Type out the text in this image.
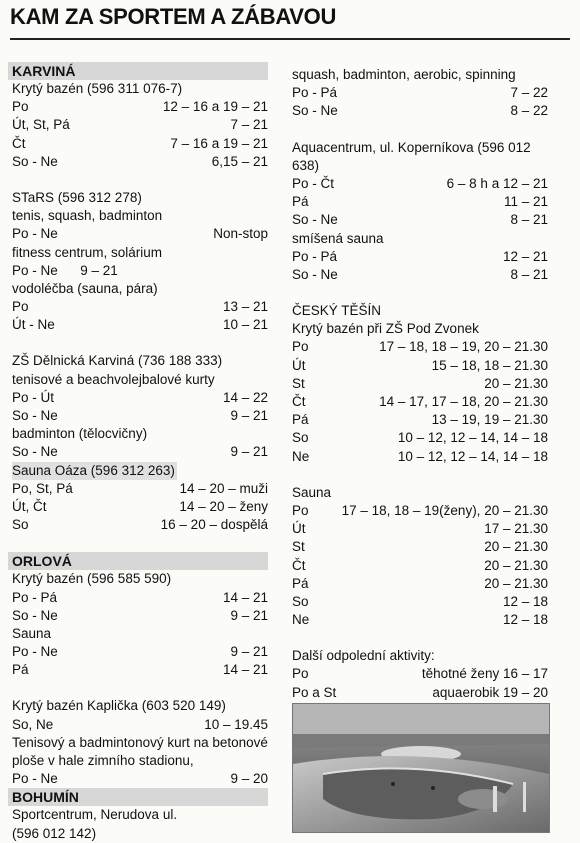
KAM ZA SPORTEM A ZÁBAVOU
KARVINÁ
Krytý bazén (596 311 076-7)
Po	12 – 16 a 19 – 21
Út, St, Pá	7 – 21
Čt	7 – 16 a 19 – 21
So - Ne	6,15 – 21
STaRS (596 312 278)
tenis, squash, badminton
Po - Ne	Non-stop
fitness centrum, solárium
Po - Ne      9 – 21
vodoléčba (sauna, pára)
Po	13 – 21
Út - Ne	10 – 21
ZŠ Dělnická Karviná (736 188 333) tenisové a beachvolejbalové kurty
Po - Út	14 – 22
So - Ne	9 – 21
badminton (tělocvičny)
So - Ne	9 – 21
Sauna Oáza (596 312 263)
Po, St, Pá	14 – 20 – muži
Út, Čt	14 – 20 – ženy
So	16 – 20 – dospělá
ORLOVÁ
Krytý bazén (596 585 590)
Po - Pá	14 – 21
So - Ne	9 – 21
Sauna
Po - Ne	9 – 21
Pá	14 – 21
Krytý bazén Kaplička (603 520 149)
So, Ne	10 – 19.45
Tenisový a badmintonový kurt na betonové ploše v hale zimního stadionu,
Po - Ne	9 – 20
BOHUMÍN
Sportcentrum, Nerudova ul.
(596 012 142)
squash, badminton, aerobic, spinning
Po - Pá	7 – 22
So - Ne	8 – 22
Aquacentrum, ul. Koperníkova (596 012 638)
Po - Čt	6 – 8 h a 12 – 21
Pá	11 – 21
So - Ne	8 – 21
smíšená sauna
Po - Pá	12 – 21
So - Ne	8 – 21
ČESKÝ TĚŠÍN
Krytý bazén při ZŠ Pod Zvonek
Po	17 – 18, 18 – 19, 20 – 21.30
Út	15 – 18, 18 – 21.30
St	20 – 21.30
Čt	14 – 17, 17 – 18, 20 – 21.30
Pá	13 – 19, 19 – 21.30
So	10 – 12, 12 – 14, 14 – 18
Ne	10 – 12, 12 – 14, 14 – 18
Sauna
Po 17 – 18, 18 – 19(ženy), 20 – 21.30
Út	17 – 21.30
St	20 – 21.30
Čt	20 – 21.30
Pá	20 – 21.30
So	12 – 18
Ne	12 – 18
Další odpolední aktivity:
Po	těhotné ženy 16 – 17
Po a St	aquaerobik 19 – 20
